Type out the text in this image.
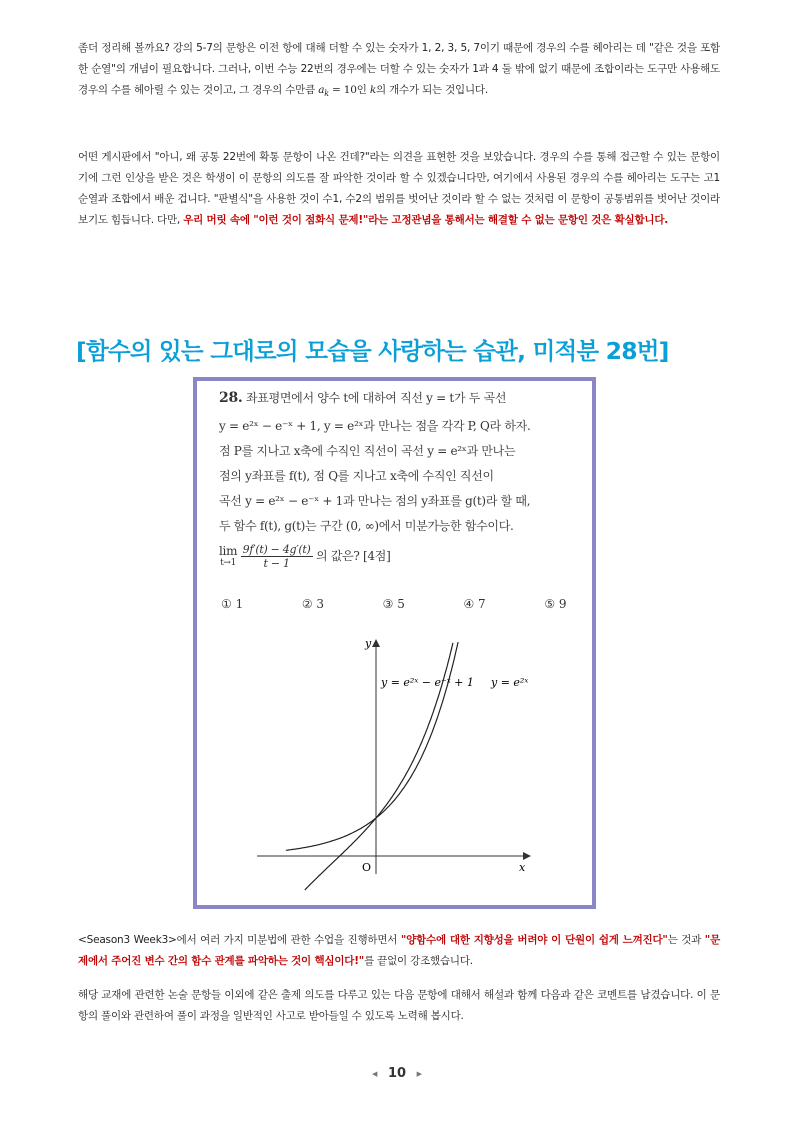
좀더 정리해 볼까요? 강의 5-7의 문항은 이전 항에 대해 더할 수 있는 숫자가 1, 2, 3, 5, 7이기 때문에 경우의 수를 헤아리는 데 "같은 것을 포함한 순열"의 개념이 필요합니다. 그러나, 이번 수능 22번의 경우에는 더할 수 있는 숫자가 1과 4 둘 밖에 없기 때문에 조합이라는 도구만 사용해도 경우의 수를 헤아릴 수 있는 것이고, 그 경우의 수만큼 $a_k = 10$인 k의 개수가 되는 것입니다.
어떤 게시판에서 "아니, 왜 공통 22번에 확통 문항이 나온 건데?"라는 의견을 표현한 것을 보았습니다. 경우의 수를 통해 접근할 수 있는 문항이기에 그런 인상을 받은 것은 학생이 이 문항의 의도를 잘 파악한 것이라 할 수 있겠습니다만, 여기에서 사용된 경우의 수를 헤아리는 도구는 고1 순열과 조합에서 배운 겁니다. "판별식"을 사용한 것이 수1, 수2의 범위를 벗어난 것이라 할 수 없는 것처럼 이 문항이 공통범위를 벗어난 것이라 보기도 힘듭니다. 다만, 우리 머릿 속에 "이런 것이 점화식 문제!"라는 고정관념을 통해서는 해결할 수 없는 문항인 것은 확실합니다.
[함수의 있는 그대로의 모습을 사랑하는 습관, 미적분 28번]
28. 좌표평면에서 양수 t에 대하여 직선 y = t가 두 곡선
y = e²ˣ − e⁻ˣ + 1, y = e²ˣ과 만나는 점을 각각 P, Q라 하자.
점 P를 지나고 x축에 수직인 직선이 곡선 y = e²ˣ과 만나는
점의 y좌표를 f(t), 점 Q를 지나고 x축에 수직인 직선이
곡선 y = e²ˣ − e⁻ˣ + 1과 만나는 점의 y좌표를 g(t)라 할 때,
두 함수 f(t), g(t)는 구간 (0, ∞)에서 미분가능한 함수이다.
lim
t→1
$\frac{9f'(t) - 4g'(t)}{t - 1}$ 의 값은? [4점]
① 1	② 3	③ 5	④ 7	⑤ 9
y
x
O
y = e²ˣ − e⁻ˣ + 1 y = e²ˣ
<Season3 Week3>에서 여러 가지 미분법에 관한 수업을 진행하면서 "양함수에 대한 지향성을 버려야 이 단원이 쉽게 느껴진다"는 것과 "문제에서 주어진 변수 간의 함수 관계를 파악하는 것이 핵심이다!"를 끝없이 강조했습니다.
해당 교재에 관련한 논술 문항들 이외에 같은 출제 의도를 다루고 있는 다음 문항에 대해서 해설과 함께 다음과 같은 코멘트를 남겼습니다. 이 문항의 풀이와 관련하여 풀이 과정을 일반적인 사고로 받아들일 수 있도록 노력해 봅시다.
◀ 10 ▶
